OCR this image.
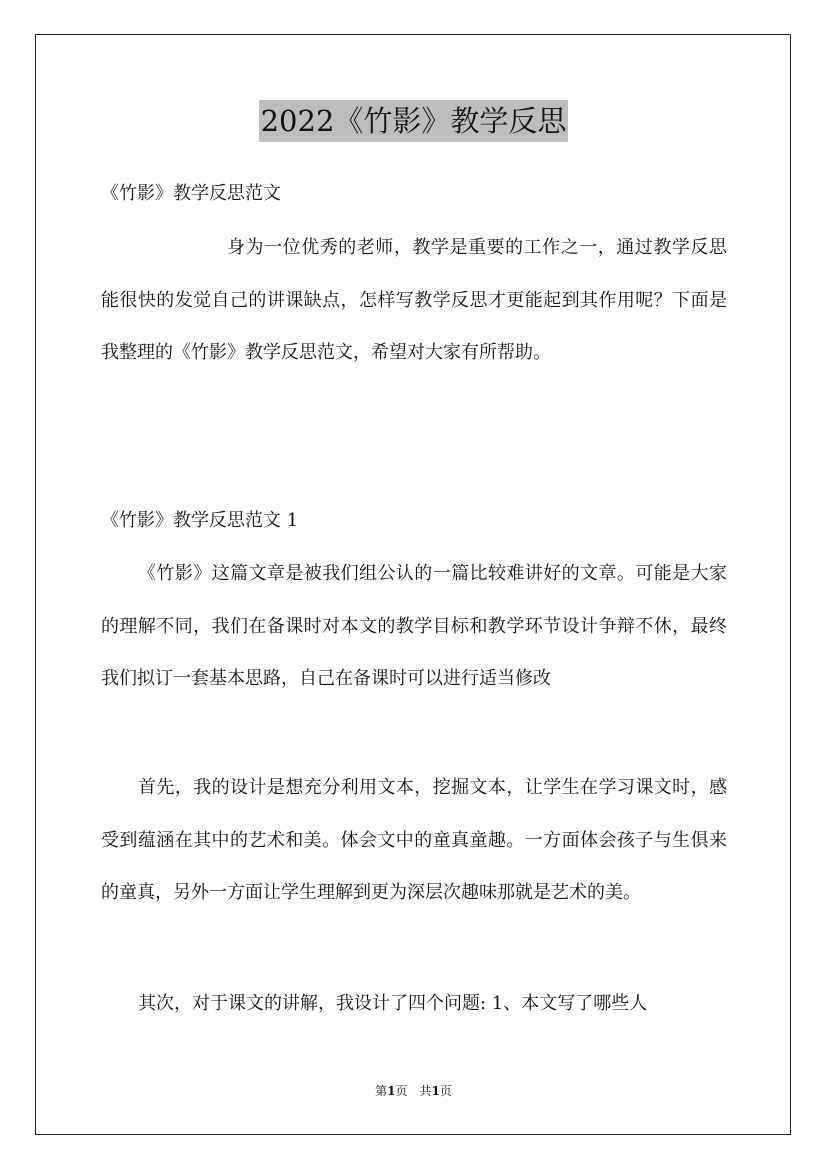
2022《竹影》教学反思
《竹影》教学反思范文
身为一位优秀的老师，教学是重要的工作之一，通过教学反思能很快的发觉自己的讲课缺点，怎样写教学反思才更能起到其作用呢？下面是我整理的《竹影》教学反思范文，希望对大家有所帮助。
《竹影》教学反思范文 1
《竹影》这篇文章是被我们组公认的一篇比较难讲好的文章。可能是大家的理解不同，我们在备课时对本文的教学目标和教学环节设计争辩不休，最终我们拟订一套基本思路，自己在备课时可以进行适当修改
首先，我的设计是想充分利用文本，挖掘文本，让学生在学习课文时，感受到蕴涵在其中的艺术和美。体会文中的童真童趣。一方面体会孩子与生俱来的童真，另外一方面让学生理解到更为深层次趣味那就是艺术的美。
其次，对于课文的讲解，我设计了四个问题: 1、本文写了哪些人
第1页　共1页
